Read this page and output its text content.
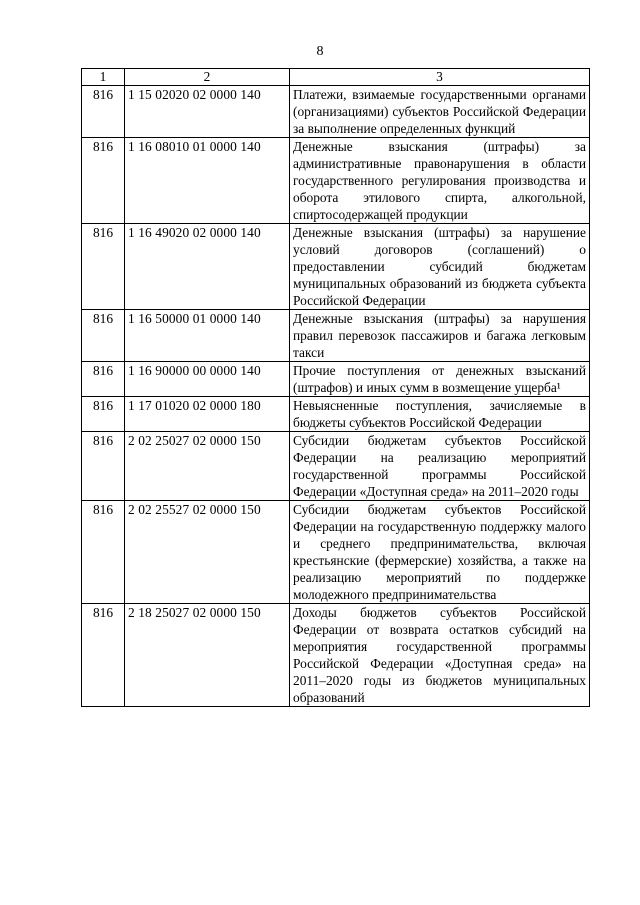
8
1	2	3
816	1 15 02020 02 0000 140	Платежи, взимаемые государственными органами (организациями) субъектов Российской Федерации за выполнение определенных функций
816	1 16 08010 01 0000 140	Денежные взыскания (штрафы) за административные правонарушения в области государственного регулирования производства и оборота этилового спирта, алкогольной, спиртосодержащей продукции
816	1 16 49020 02 0000 140	Денежные взыскания (штрафы) за нарушение условий договоров (соглашений) о предоставлении субсидий бюджетам муниципальных образований из бюджета субъекта Российской Федерации
816	1 16 50000 01 0000 140	Денежные взыскания (штрафы) за нарушения правил перевозок пассажиров и багажа легковым такси
816	1 16 90000 00 0000 140	Прочие поступления от денежных взысканий (штрафов) и иных сумм в возмещение ущерба¹
816	1 17 01020 02 0000 180	Невыясненные поступления, зачисляемые в бюджеты субъектов Российской Федерации
816	2 02 25027 02 0000 150	Субсидии бюджетам субъектов Российской Федерации на реализацию мероприятий государственной программы Российской Федерации «Доступная среда» на 2011–2020 годы
816	2 02 25527 02 0000 150	Субсидии бюджетам субъектов Российской Федерации на государственную поддержку малого и среднего предпринимательства, включая крестьянские (фермерские) хозяйства, а также на реализацию мероприятий по поддержке молодежного предпринимательства
816	2 18 25027 02 0000 150	Доходы бюджетов субъектов Российской Федерации от возврата остатков субсидий на мероприятия государственной программы Российской Федерации «Доступная среда» на 2011–2020 годы из бюджетов муниципальных образований
